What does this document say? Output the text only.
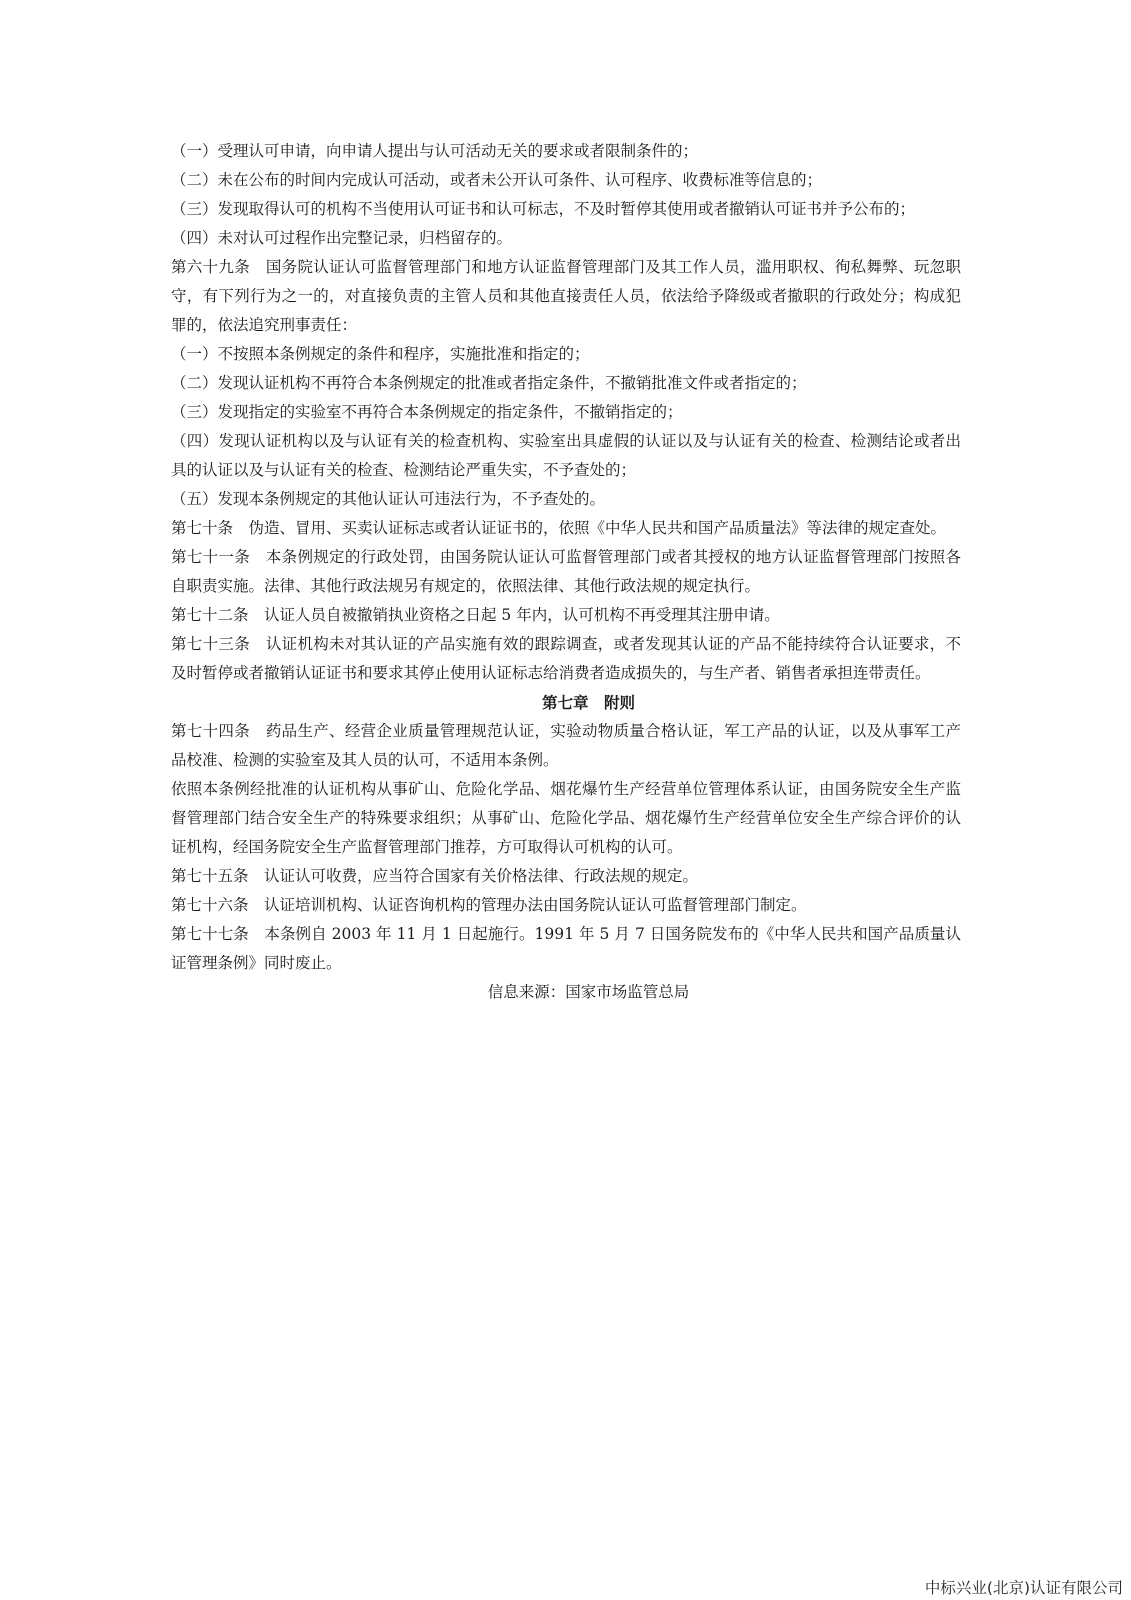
（一）受理认可申请，向申请人提出与认可活动无关的要求或者限制条件的；

（二）未在公布的时间内完成认可活动，或者未公开认可条件、认可程序、收费标准等信息的；

（三）发现取得认可的机构不当使用认可证书和认可标志，不及时暂停其使用或者撤销认可证书并予公布的；

（四）未对认可过程作出完整记录，归档留存的。

第六十九条　国务院认证认可监督管理部门和地方认证监督管理部门及其工作人员，滥用职权、徇私舞弊、玩忽职守，有下列行为之一的，对直接负责的主管人员和其他直接责任人员，依法给予降级或者撤职的行政处分；构成犯罪的，依法追究刑事责任：

（一）不按照本条例规定的条件和程序，实施批准和指定的；

（二）发现认证机构不再符合本条例规定的批准或者指定条件，不撤销批准文件或者指定的；

（三）发现指定的实验室不再符合本条例规定的指定条件，不撤销指定的；

（四）发现认证机构以及与认证有关的检查机构、实验室出具虚假的认证以及与认证有关的检查、检测结论或者出具的认证以及与认证有关的检查、检测结论严重失实，不予查处的；

（五）发现本条例规定的其他认证认可违法行为，不予查处的。

第七十条　伪造、冒用、买卖认证标志或者认证证书的，依照《中华人民共和国产品质量法》等法律的规定查处。

第七十一条　本条例规定的行政处罚，由国务院认证认可监督管理部门或者其授权的地方认证监督管理部门按照各自职责实施。法律、其他行政法规另有规定的，依照法律、其他行政法规的规定执行。

第七十二条　认证人员自被撤销执业资格之日起 5 年内，认可机构不再受理其注册申请。

第七十三条　认证机构未对其认证的产品实施有效的跟踪调查，或者发现其认证的产品不能持续符合认证要求，不及时暂停或者撤销认证证书和要求其停止使用认证标志给消费者造成损失的，与生产者、销售者承担连带责任。

第七章　附则

第七十四条　药品生产、经营企业质量管理规范认证，实验动物质量合格认证，军工产品的认证，以及从事军工产品校准、检测的实验室及其人员的认可，不适用本条例。

依照本条例经批准的认证机构从事矿山、危险化学品、烟花爆竹生产经营单位管理体系认证，由国务院安全生产监督管理部门结合安全生产的特殊要求组织；从事矿山、危险化学品、烟花爆竹生产经营单位安全生产综合评价的认证机构，经国务院安全生产监督管理部门推荐，方可取得认可机构的认可。

第七十五条　认证认可收费，应当符合国家有关价格法律、行政法规的规定。

第七十六条　认证培训机构、认证咨询机构的管理办法由国务院认证认可监督管理部门制定。

第七十七条　本条例自 2003 年 11 月 1 日起施行。1991 年 5 月 7 日国务院发布的《中华人民共和国产品质量认证管理条例》同时废止。

信息来源：国家市场监管总局

中标兴业(北京)认证有限公司
